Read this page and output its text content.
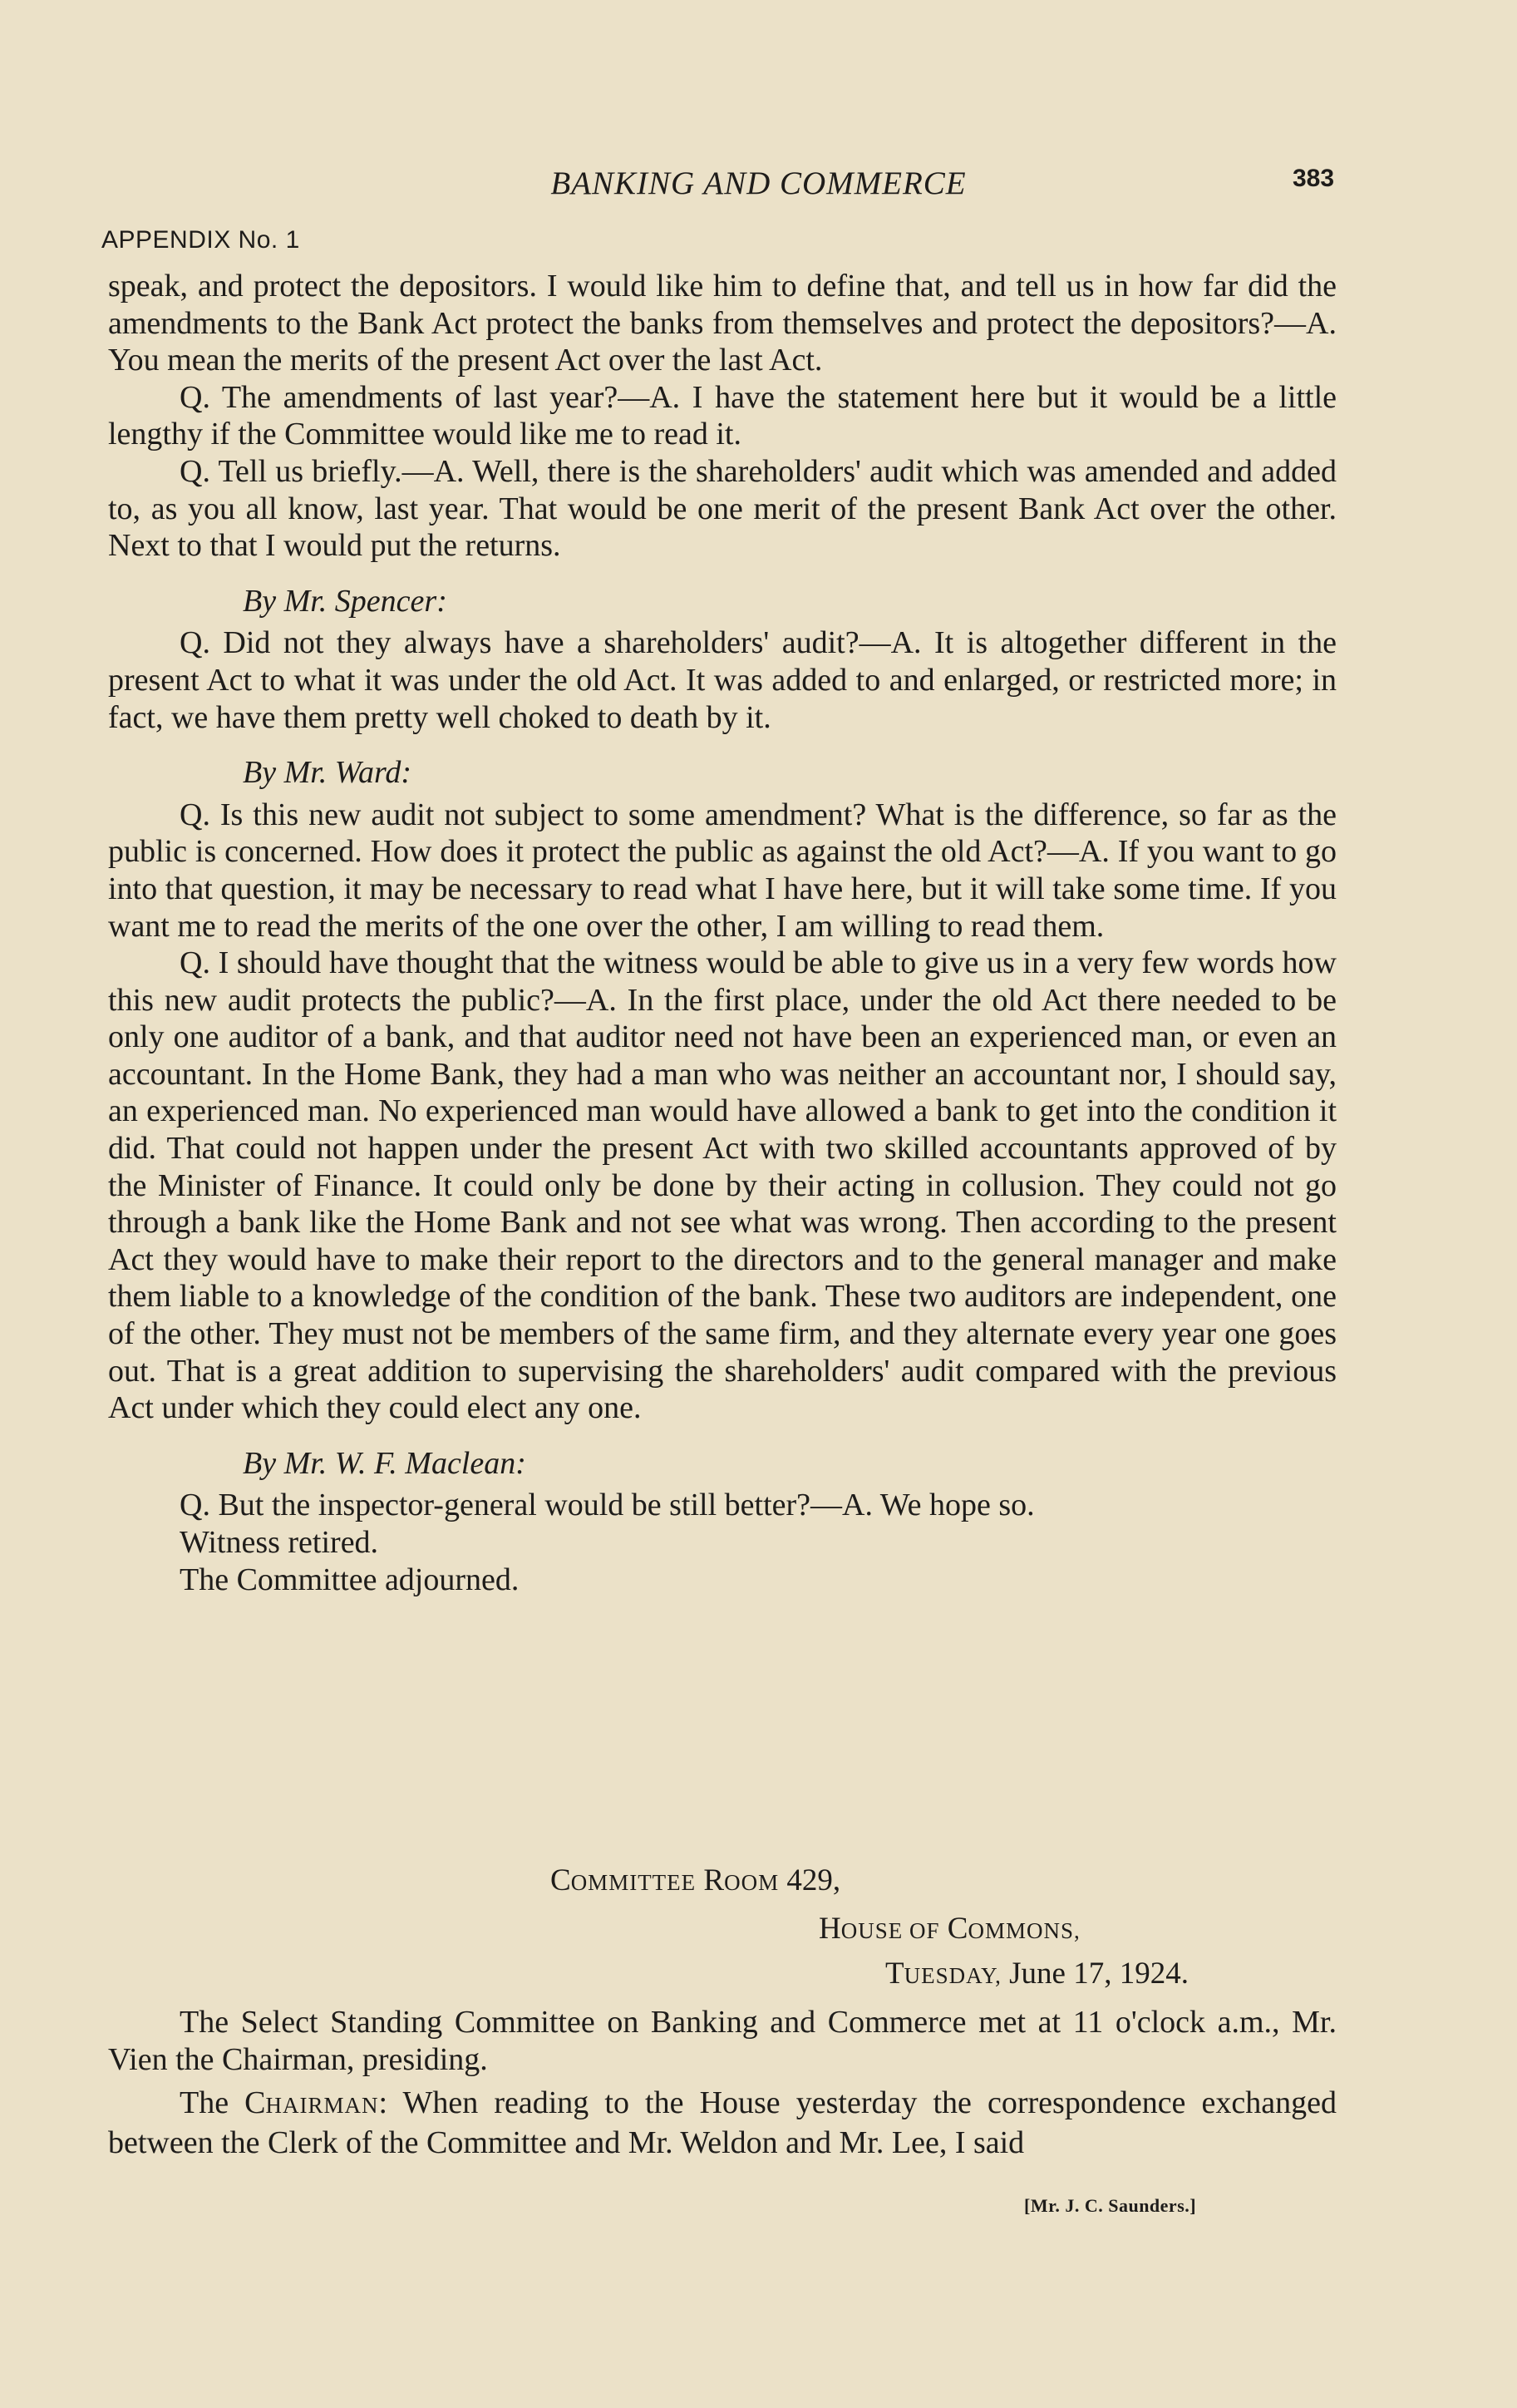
BANKING AND COMMERCE	383
APPENDIX No. 1

speak, and protect the depositors. I would like him to define that, and tell us in how far did the amendments to the Bank Act protect the banks from themselves and protect the depositors?—A. You mean the merits of the present Act over the last Act.

Q. The amendments of last year?—A. I have the statement here but it would be a little lengthy if the Committee would like me to read it.

Q. Tell us briefly.—A. Well, there is the shareholders' audit which was amended and added to, as you all know, last year. That would be one merit of the present Bank Act over the other. Next to that I would put the returns.

By Mr. Spencer:

Q. Did not they always have a shareholders' audit?—A. It is altogether different in the present Act to what it was under the old Act. It was added to and enlarged, or restricted more; in fact, we have them pretty well choked to death by it.

By Mr. Ward:

Q. Is this new audit not subject to some amendment? What is the difference, so far as the public is concerned. How does it protect the public as against the old Act?—A. If you want to go into that question, it may be necessary to read what I have here, but it will take some time. If you want me to read the merits of the one over the other, I am willing to read them.

Q. I should have thought that the witness would be able to give us in a very few words how this new audit protects the public?—A. In the first place, under the old Act there needed to be only one auditor of a bank, and that auditor need not have been an experienced man, or even an accountant. In the Home Bank, they had a man who was neither an accountant nor, I should say, an experienced man. No experienced man would have allowed a bank to get into the condition it did. That could not happen under the present Act with two skilled accountants approved of by the Minister of Finance. It could only be done by their acting in collusion. They could not go through a bank like the Home Bank and not see what was wrong. Then according to the present Act they would have to make their report to the directors and to the general manager and make them liable to a knowledge of the condition of the bank. These two auditors are independent, one of the other. They must not be members of the same firm, and they alternate every year one goes out. That is a great addition to supervising the shareholders' audit compared with the previous Act under which they could elect any one.

By Mr. W. F. Maclean:

Q. But the inspector-general would be still better?—A. We hope so.

Witness retired.

The Committee adjourned.

COMMITTEE ROOM 429,
HOUSE OF COMMONS,
TUESDAY, June 17, 1924.

The Select Standing Committee on Banking and Commerce met at 11 o'clock a.m., Mr. Vien the Chairman, presiding.

The CHAIRMAN: When reading to the House yesterday the correspondence exchanged between the Clerk of the Committee and Mr. Weldon and Mr. Lee, I said

[Mr. J. C. Saunders.]
